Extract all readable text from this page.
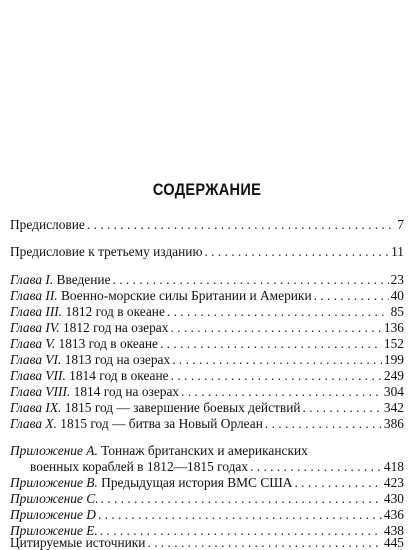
СОДЕРЖАНИЕ
Предисловие . . .	7
Предисловие к третьему изданию . . .	11
Глава I. Введение . . .	23
Глава II. Военно-морские силы Британии и Америки . . .	40
Глава III. 1812 год в океане . . .	85
Глава IV. 1812 год на озерах . . .	136
Глава V. 1813 год в океане . . .	152
Глава VI. 1813 год на озерах . . .	199
Глава VII. 1814 год в океане . . .	249
Глава VIII. 1814 год на озерах . . .	304
Глава IX. 1815 год — завершение боевых действий . . .	342
Глава X. 1815 год — битва за Новый Орлеан . . .	386
Приложение A. Тоннаж британских и американских
военных кораблей в 1812—1815 годах . . .	418
Приложение B. Предыдущая история ВМС США . . .	423
Приложение C. . . .	430
Приложение D . . .	436
Приложение E. . . .	438
Цитируемые источники . . .	445
